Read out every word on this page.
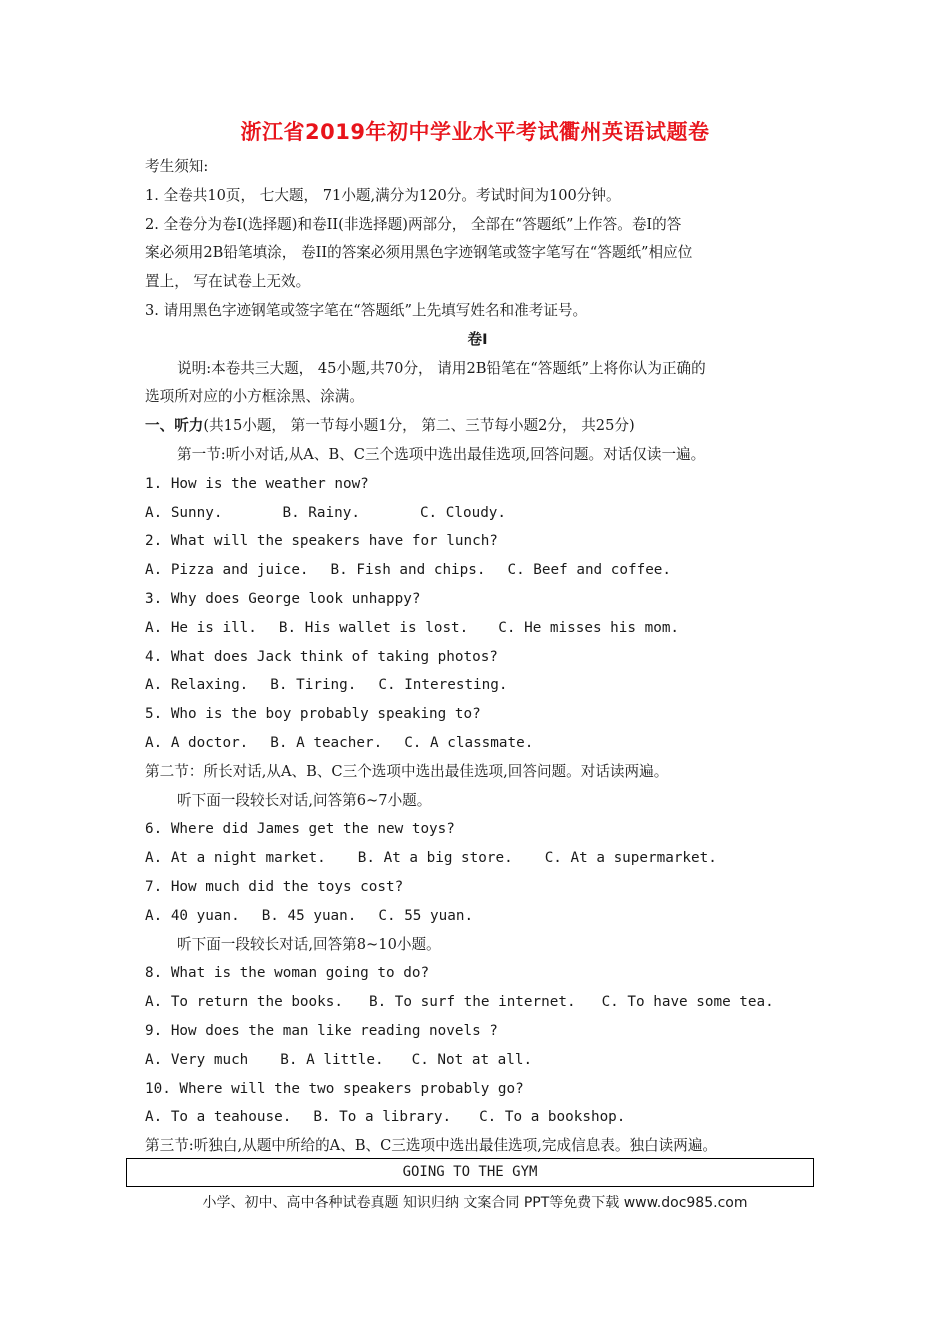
浙江省2019年初中学业水平考试衢州英语试题卷
考生须知:
1. 全卷共10页， 七大题， 71小题,满分为120分。考试时间为100分钟。
2. 全卷分为卷Ⅰ(选择题)和卷II(非选择题)两部分， 全部在“答题纸”上作答。卷Ⅰ的答
案必须用2B铅笔填涂， 卷II的答案必须用黑色字迹钢笔或签字笔写在“答题纸”相应位
置上， 写在试卷上无效。
3. 请用黑色字迹钢笔或签字笔在“答题纸”上先填写姓名和准考证号。
卷Ⅰ
说明:本卷共三大题， 45小题,共70分， 请用2B铅笔在“答题纸”上将你认为正确的
选项所对应的小方框涂黑、涂满。
一、听力(共15小题， 第一节每小题1分， 第二、三节每小题2分， 共25分)
第一节:听小对话,从A、B、C三个选项中选出最佳选项,回答问题。对话仅读一遍。
1. How is the weather now?
A. Sunny.	B. Rainy.	C. Cloudy.
2. What will the speakers have for lunch?
A. Pizza and juice. B. Fish and chips. C. Beef and coffee.
3. Why does George look unhappy?
A. He is ill. B. His wallet is lost. C. He misses his mom.
4. What does Jack think of taking photos?
A. Relaxing. B. Tiring. C. Interesting.
5. Who is the boy probably speaking to?
A. A doctor. B. A teacher. C. A classmate.
第二节：所长对话,从A、B、C三个选项中选出最佳选项,回答问题。对话读两遍。
听下面一段较长对话,问答第6~7小题。
6. Where did James get the new toys?
A. At a night market. B. At a big store. C. At a supermarket.
7. How much did the toys cost?
A. 40 yuan. B. 45 yuan. C. 55 yuan.
听下面一段较长对话,回答第8~10小题。
8. What is the woman going to do?
A. To return the books. B. To surf the internet. C. To have some tea.
9. How does the man like reading novels ?
A. Very much B. A little. C. Not at all.
10. Where will the two speakers probably go?
A. To a teahouse. B. To a library. C. To a bookshop.
第三节:听独白,从题中所给的A、B、C三选项中选出最佳选项,完成信息表。独白读两遍。
GOING TO THE GYM
小学、初中、高中各种试卷真题 知识归纳 文案合同 PPT等免费下载 www.doc985.com
